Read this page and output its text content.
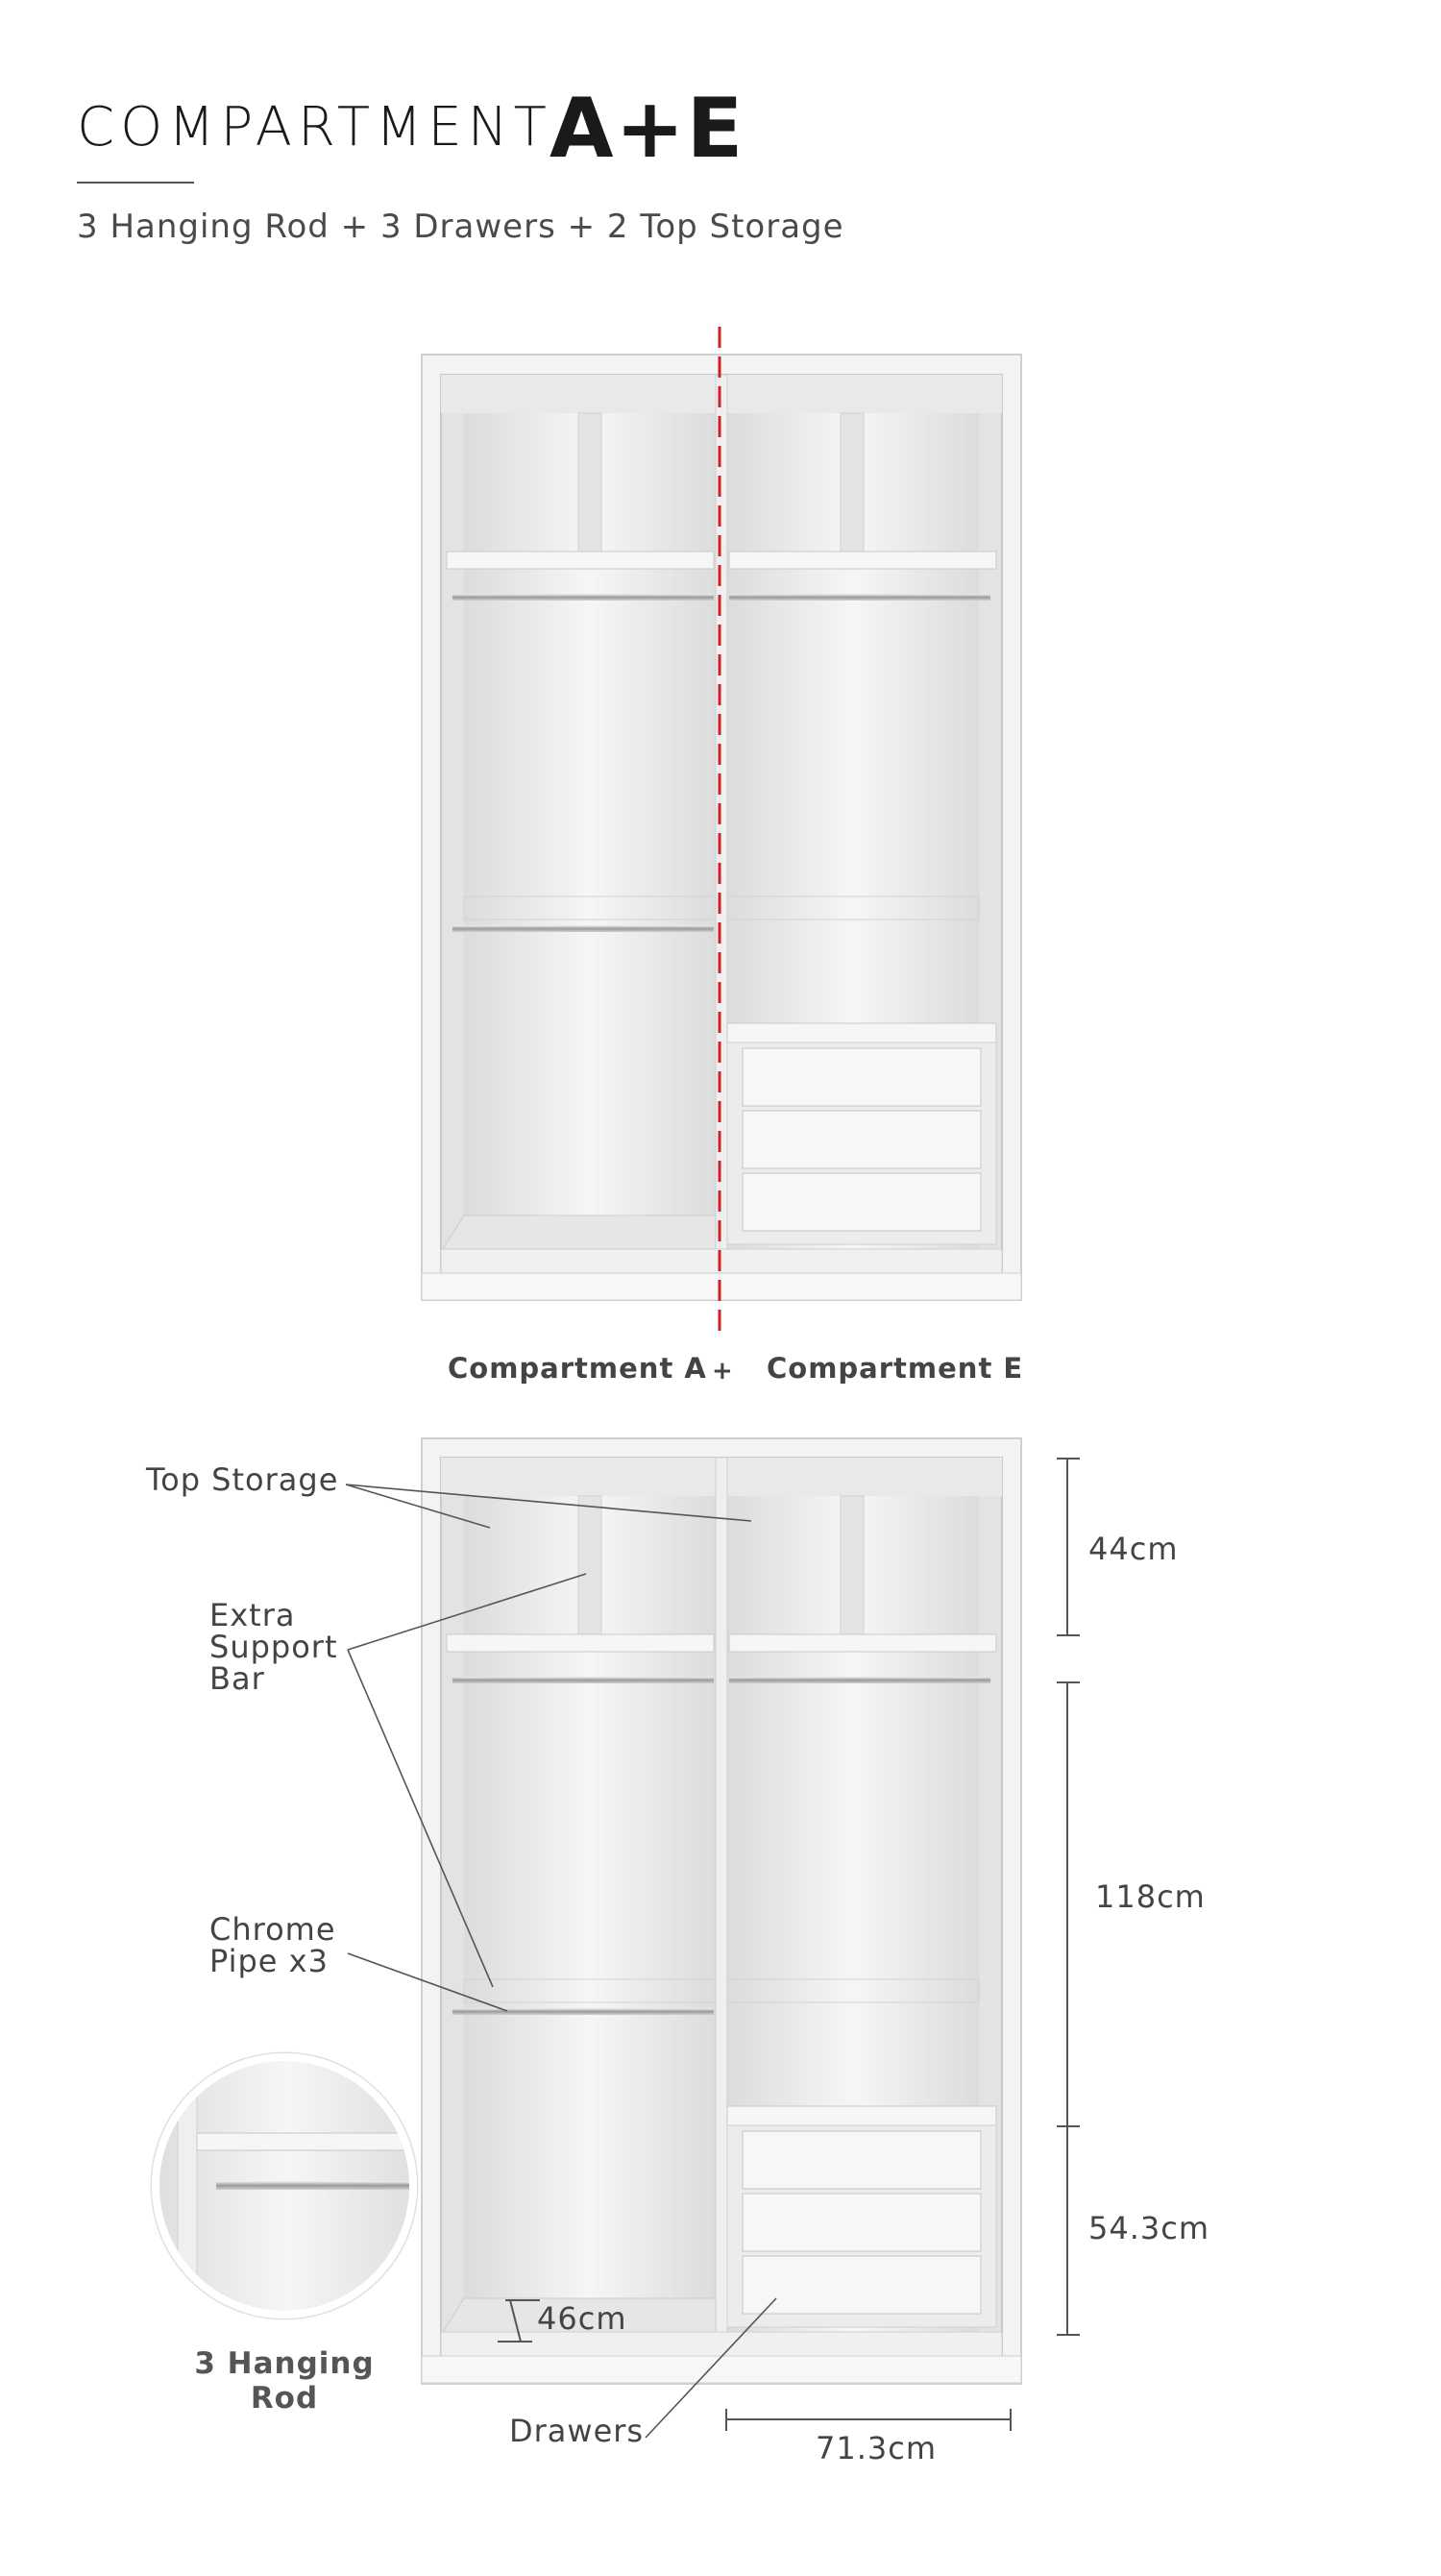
COMPARTMENT
A+E
3 Hanging Rod + 3 Drawers + 2 Top Storage
Compartment A + Compartment E
Top Storage
Extra
Support
Bar
Chrome
Pipe x3
Drawers
44cm
118cm
54.3cm
46cm
71.3cm
3 Hanging
Rod
